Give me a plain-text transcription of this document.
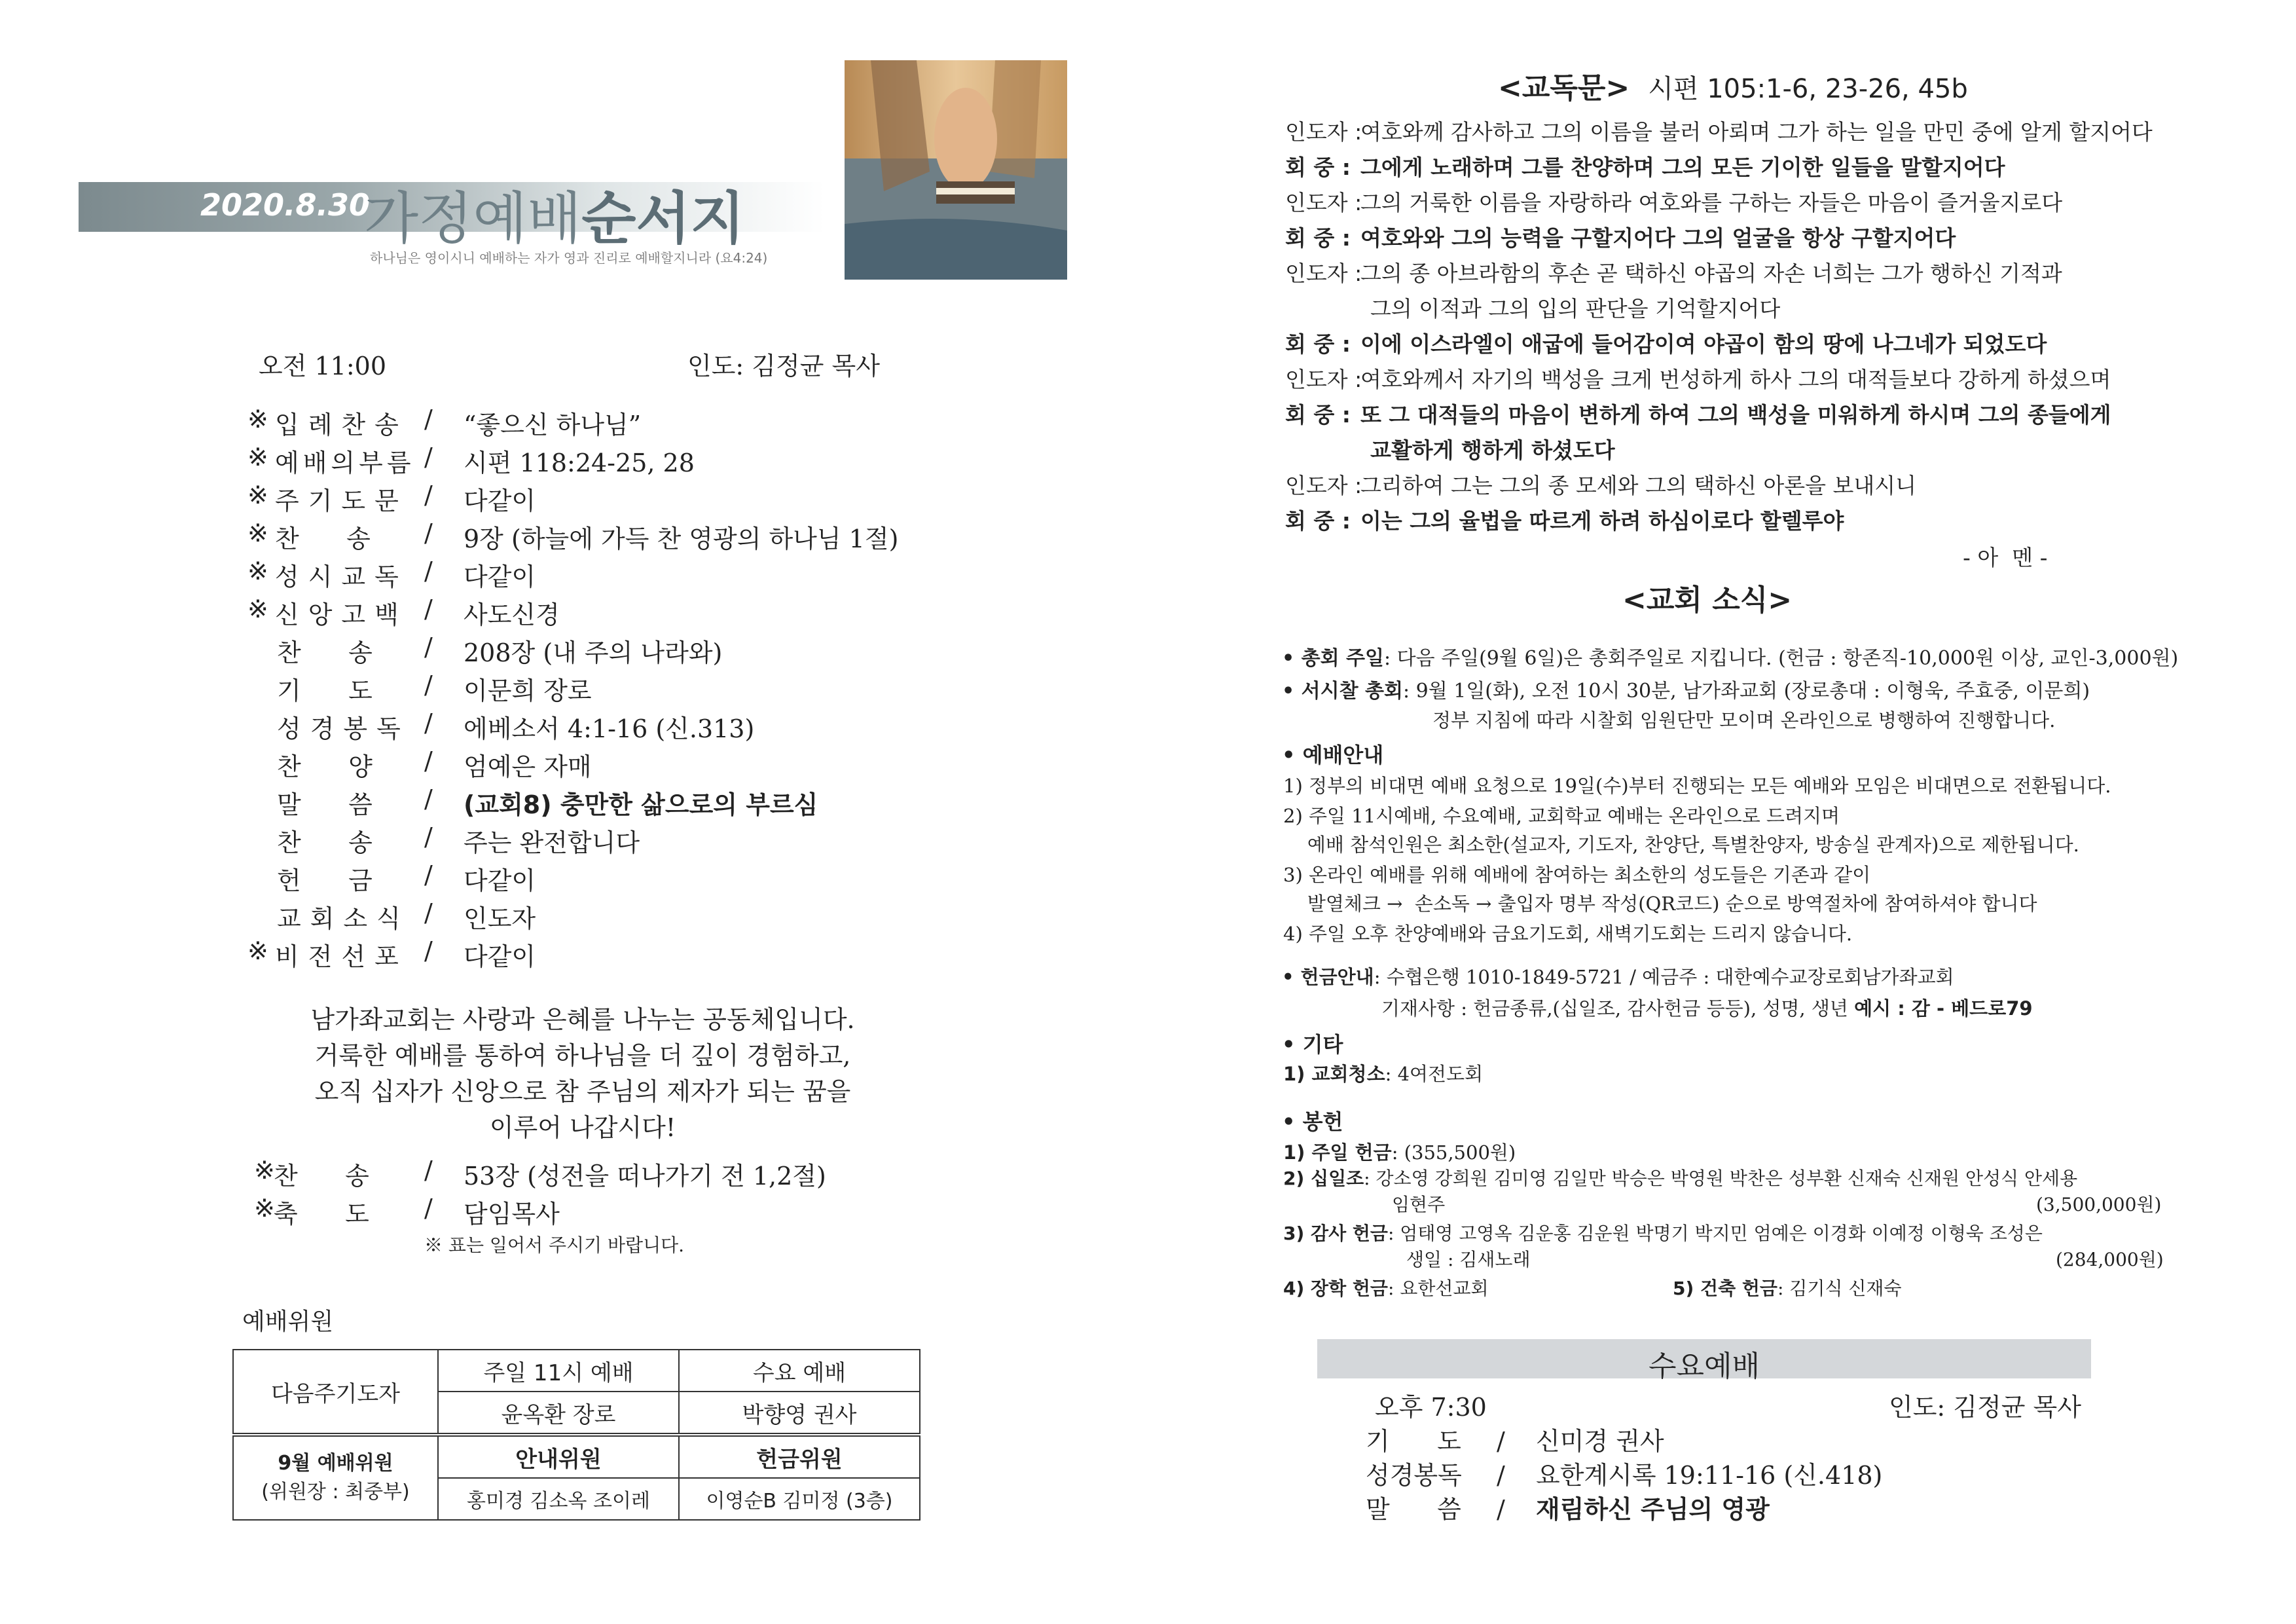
2020.8.30
가정예배순서지
하나님은 영이시니 예배하는 자가 영과 진리로 예배할지니라 (요4:24)
오전 11:00	인도: 김정균 목사
※ 입례찬송 / “좋으신 하나님”
※ 예배의부름 / 시편 118:24-25, 28
※ 주기도문 / 다같이
※ 찬      송	/ 9장 (하늘에 가득 찬 영광의 하나님 1절)
※ 성시교독 / 다같이
※ 신앙고백 / 사도신경
찬      송	/ 208장 (내 주의 나라와)
기      도	/ 이문희 장로
성경봉독 / 에베소서 4:1-16 (신.313)
찬      양	/ 엄예은 자매
말      씀	/ (교회8) 충만한 삶으로의 부르심
찬      송	/ 주는 완전합니다
헌      금	/ 다같이
교회소식 / 인도자
※ 비전선포 / 다같이
남가좌교회는 사랑과 은혜를 나누는 공동체입니다.
거룩한 예배를 통하여 하나님을 더 깊이 경험하고,
오직 십자가 신앙으로 참 주님의 제자가 되는 꿈을
이루어 나갑시다!
※
찬      송	/ 53장 (성전을 떠나가기 전 1,2절)
※
축      도	/ 담임목사
※ 표는 일어서 주시기 바랍니다.
예배위원
다음주기도자	주일 11시 예배	수요 예배
	윤옥환 장로	박향영 권사

9월 예배위원
(위원장 : 최중부)	안내위원	헌금위원
	홍미경 김소옥 조이레	이영순B 김미정 (3층)
<교독문> 시편 105:1-6, 23-26, 45b
인도자 :여호와께 감사하고 그의 이름을 불러 아뢰며 그가 하는 일을 만민 중에 알게 할지어다
회 중 : 그에게 노래하며 그를 찬양하며 그의 모든 기이한 일들을 말할지어다
인도자 :그의 거룩한 이름을 자랑하라 여호와를 구하는 자들은 마음이 즐거울지로다
회 중 : 여호와와 그의 능력을 구할지어다 그의 얼굴을 항상 구할지어다
인도자 :그의 종 아브라함의 후손 곧 택하신 야곱의 자손 너희는 그가 행하신 기적과
그의 이적과 그의 입의 판단을 기억할지어다
회 중 : 이에 이스라엘이 애굽에 들어감이여 야곱이 함의 땅에 나그네가 되었도다
인도자 :여호와께서 자기의 백성을 크게 번성하게 하사 그의 대적들보다 강하게 하셨으며
회 중 : 또 그 대적들의 마음이 변하게 하여 그의 백성을 미워하게 하시며 그의 종들에게
교활하게 행하게 하셨도다
인도자 :그리하여 그는 그의 종 모세와 그의 택하신 아론을 보내시니
회 중 : 이는 그의 율법을 따르게 하려 하심이로다 할렐루야
- 아  멘 -
<교회 소식>
• 총회 주일: 다음 주일(9월 6일)은 총회주일로 지킵니다. (헌금 : 항존직-10,000원 이상, 교인-3,000원)
• 서시찰 총회: 9월 1일(화), 오전 10시 30분, 남가좌교회 (장로총대 : 이형욱, 주효중, 이문희)
정부 지침에 따라 시찰회 임원단만 모이며 온라인으로 병행하여 진행합니다.
• 예배안내
1) 정부의 비대면 예배 요청으로 19일(수)부터 진행되는 모든 예배와 모임은 비대면으로 전환됩니다.
2) 주일 11시예배, 수요예배, 교회학교 예배는 온라인으로 드려지며
예배 참석인원은 최소한(설교자, 기도자, 찬양단, 특별찬양자, 방송실 관계자)으로 제한됩니다.
3) 온라인 예배를 위해 예배에 참여하는 최소한의 성도들은 기존과 같이
발열체크 →  손소독 → 출입자 명부 작성(QR코드) 순으로 방역절차에 참여하셔야 합니다
4) 주일 오후 찬양예배와 금요기도회, 새벽기도회는 드리지 않습니다.
• 헌금안내: 수협은행 1010-1849-5721 / 예금주 : 대한예수교장로회남가좌교회
기재사항 : 헌금종류,(십일조, 감사헌금 등등), 성명, 생년 예시 : 감 - 베드로79
• 기타
1) 교회청소: 4여전도회
• 봉헌
1) 주일 헌금: (355,500원)
2) 십일조: 강소영 강희원 김미영 김일만 박승은 박영원 박찬은 성부환 신재숙 신재원 안성식 안세용
임현주	(3,500,000원)
3) 감사 헌금: 엄태영 고영옥 김운홍 김운원 박명기 박지민 엄예은 이경화 이예정 이형욱 조성은
생일 : 김새노래	(284,000원)
4) 장학 헌금: 요한선교회	5) 건축 헌금: 김기식 신재숙
수요예배
오후 7:30	인도: 김정균 목사
기      도 / 신미경 권사
성경봉독 / 요한계시록 19:11-16 (신.418)
말      씀 / 재림하신 주님의 영광
